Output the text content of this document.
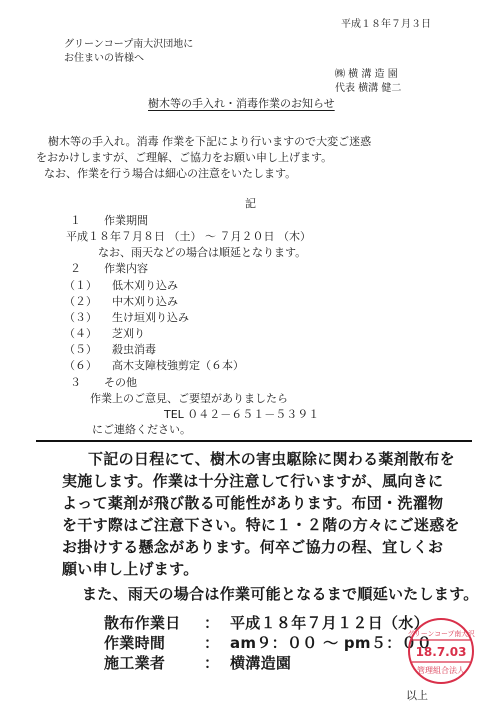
平成１８年７月３日
グリーンコープ南大沢団地に
お住まいの皆様へ
㈱ 横 溝 造 園
代表 横溝 健二
樹木等の手入れ・消毒作業のお知らせ
樹木等の手入れ。消毒 作業を下記により行いますので大変ご迷惑
をおかけしますが、ご理解、ご協力をお願い申し上げます。
なお、作業を行う場合は細心の注意をいたします。
記
１ 作業期間
平成１８年７月８日 （土） ～ ７月２０日 （木）
なお、雨天などの場合は順延となります。
２ 作業内容
（１） 低木刈り込み
（２） 中木刈り込み
（３） 生け垣刈り込み
（４） 芝刈り
（５） 殺虫消毒
（６） 高木支障枝強剪定（６本）
３ その他
作業上のご意見、ご要望がありましたら
TEL ０４２－６５１－５３９１
にご連絡ください。
下記の日程にて、樹木の害虫駆除に関わる薬剤散布を
実施します。作業は十分注意して行いますが、風向きに
よって薬剤が飛び散る可能性があります。布団・洗濯物
を干す際はご注意下さい。特に１・２階の方々にご迷惑を
お掛けする懸念があります。何卒ご協力の程、宜しくお
願い申し上げます。
また、雨天の場合は作業可能となるまで順延いたします。
散布作業日 ： 平成１８年７月１２日（水）
作業時間	： am９：００ ～ pm５：００
施工業者	： 横溝造園
グリーンコープ南大沢
18.7.03
管理組合法人
以上
